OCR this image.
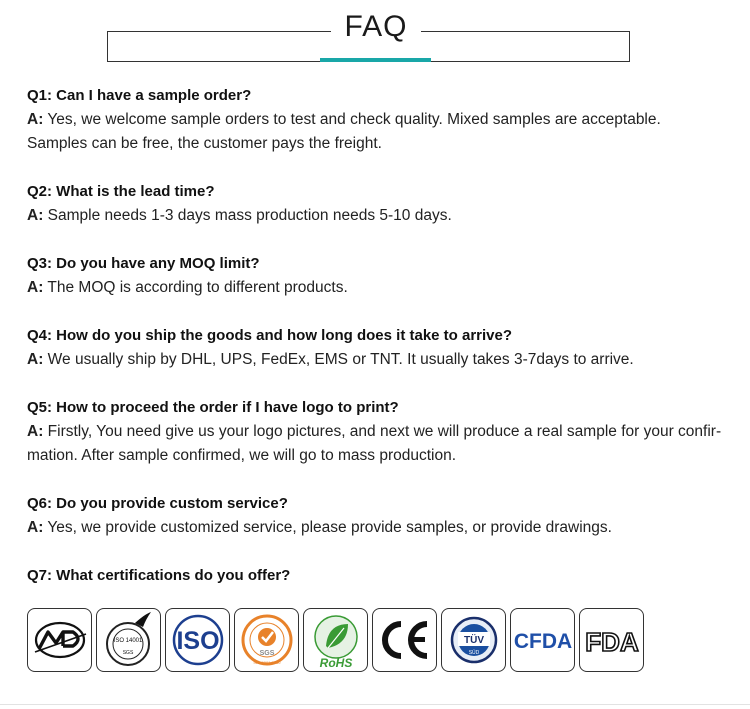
FAQ
Q1: Can I have a sample order?
A: Yes, we welcome sample orders to test and check quality. Mixed samples are acceptable.
Samples can be free, the customer pays the freight.
Q2: What is the lead time?
A: Sample needs 1-3 days mass production needs 5-10 days.
Q3: Do you have any MOQ limit?
A: The MOQ is according to different products.
Q4: How do you ship the goods and how long does it take to arrive?
A: We usually ship by DHL, UPS, FedEx, EMS or TNT. It usually takes 3-7days to arrive.
Q5: How to proceed the order if I have logo to print?
A: Firstly, You need give us your logo pictures, and next we will produce a real sample for your confir-
mation. After sample confirmed, we will go to mass production.
Q6: Do you provide custom service?
A: Yes, we provide customized service, please provide samples, or provide drawings.
Q7: What certifications do you offer?
ISO 14001
SGS ISO	SGS
ISO 9001:2000	RoHS
TÜV
SÜD CFDA FDA
